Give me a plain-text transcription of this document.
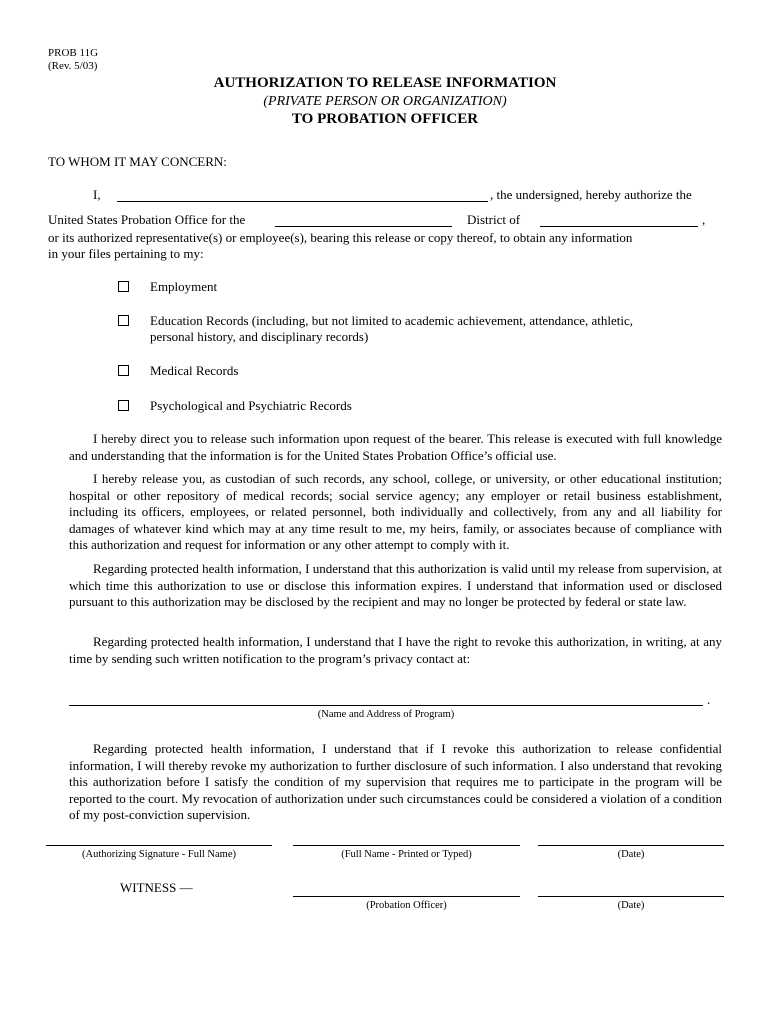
PROB 11G
(Rev. 5/03)
AUTHORIZATION TO RELEASE INFORMATION
(PRIVATE PERSON OR ORGANIZATION)
TO PROBATION OFFICER
TO WHOM IT MAY CONCERN:
I,	, the undersigned, hereby authorize the
United States Probation Office for the	District of	,
or its authorized representative(s) or employee(s), bearing this release or copy thereof, to obtain any information
in your files pertaining to my:
Employment
Education Records (including, but not limited to academic achievement, attendance, athletic,
personal history, and disciplinary records)
Medical Records
Psychological and Psychiatric Records
I hereby direct you to release such information upon request of the bearer. This release is executed with full knowledge and understanding that the information is for the United States Probation Office’s official use.
I hereby release you, as custodian of such records, any school, college, or university, or other educational institution; hospital or other repository of medical records; social service agency; any employer or retail business establishment, including its officers, employees, or related personnel, both individually and collectively, from any and all liability for damages of whatever kind which may at any time result to me, my heirs, family, or associates because of compliance with this authorization and request for information or any other attempt to comply with it.
Regarding protected health information, I understand that this authorization is valid until my release from supervision, at which time this authorization to use or disclose this information expires. I understand that information used or disclosed pursuant to this authorization may be disclosed by the recipient and may no longer be protected by federal or state law.
Regarding protected health information, I understand that I have the right to revoke this authorization, in writing, at any time by sending such written notification to the program’s privacy contact at:
.
(Name and Address of Program)
Regarding protected health information, I understand that if I revoke this authorization to release confidential information, I will thereby revoke my authorization to further disclosure of such information. I also understand that revoking this authorization before I satisfy the condition of my supervision that requires me to participate in the program will be reported to the court. My revocation of authorization under such circumstances could be considered a violation of a condition of my post-conviction supervision.
(Authorizing Signature - Full Name)	(Full Name - Printed or Typed)	(Date)
WITNESS —
(Probation Officer)	(Date)
